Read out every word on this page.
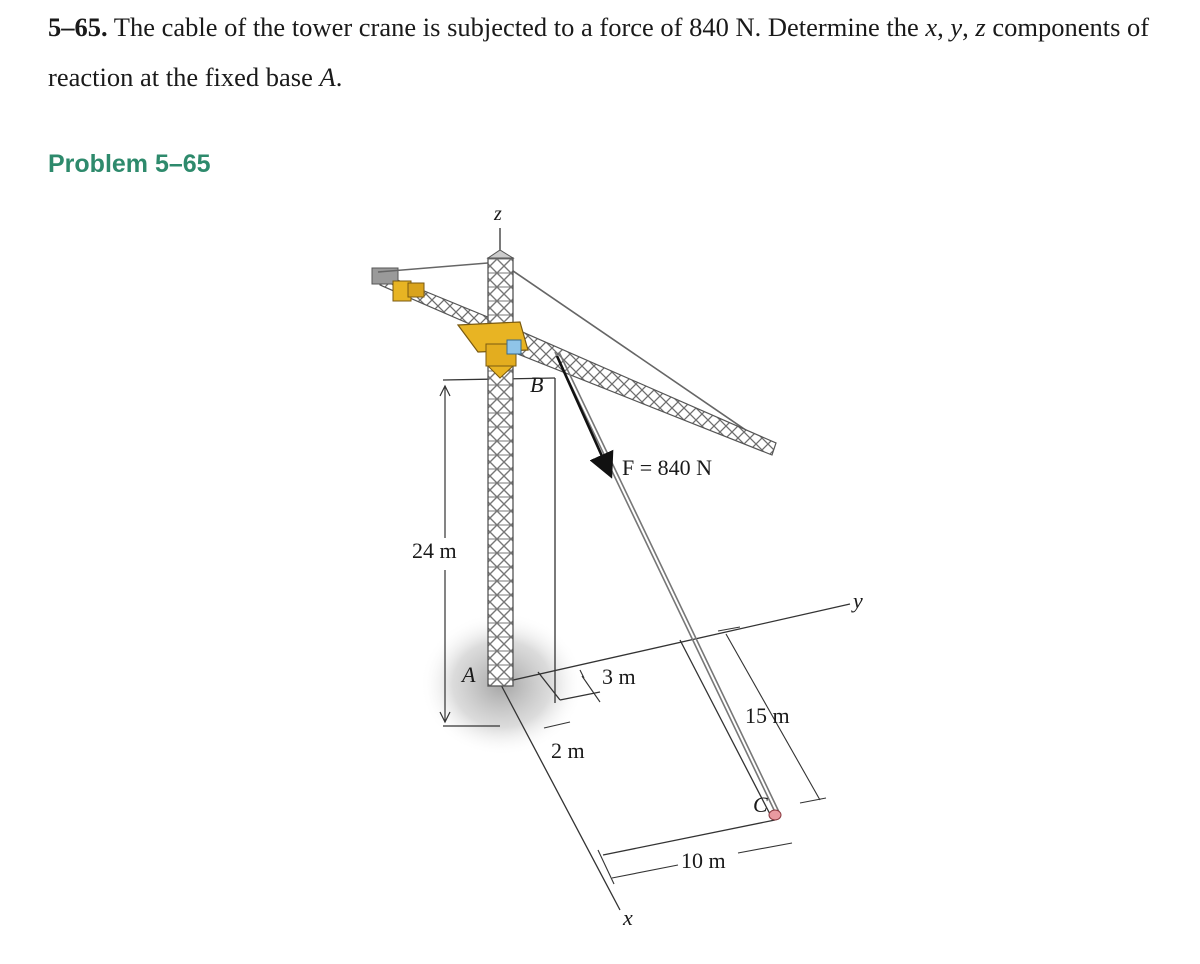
5–65. The cable of the tower crane is subjected to a force of 840 N. Determine the x, y, z components of reaction at the fixed base A.

Problem 5–65
z
y
x
A
B
C
F = 840 N
24 m
3 m
2 m
15 m
10 m
